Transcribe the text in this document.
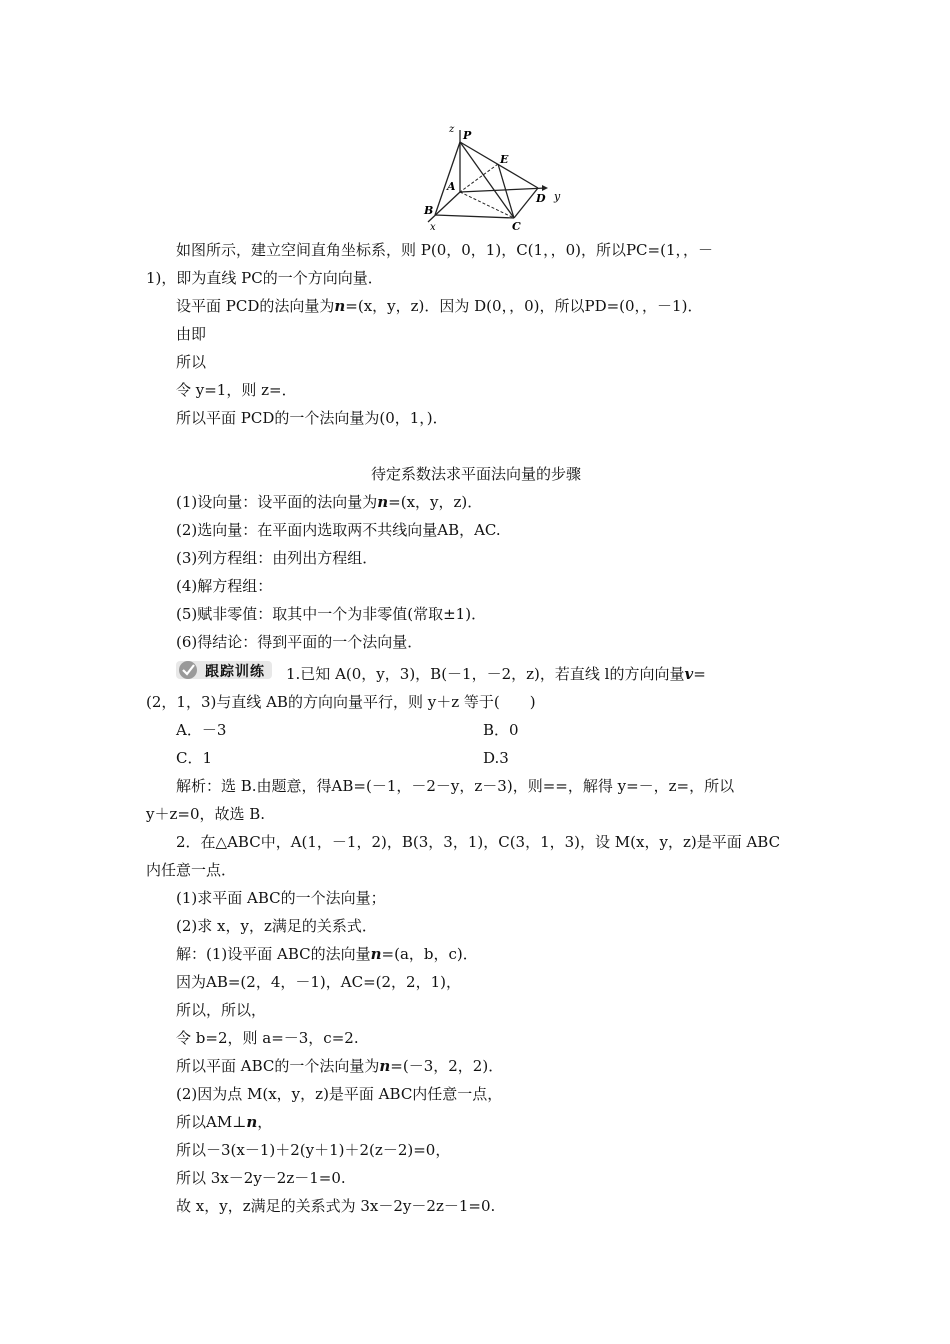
z P
E
A
D y
B
C
x
如图所示，建立空间直角坐标系，则 P(0，0，1)，C(1，，0)，所以PC=(1，，－
1)，即为直线 PC的一个方向向量．
设平面 PCD的法向量为n=(x，y，z)．因为 D(0，，0)，所以PD=(0，，－1)．
由即
所以
令 y=1，则 z=．
所以平面 PCD的一个法向量为(0，1，)．
待定系数法求平面法向量的步骤
(1)设向量：设平面的法向量为n=(x，y，z)．
(2)选向量：在平面内选取两不共线向量AB，AC.
(3)列方程组：由列出方程组．
(4)解方程组：
(5)赋非零值：取其中一个为非零值(常取±1)．
(6)得结论：得到平面的一个法向量．
跟踪训练 1.已知 A(0，y，3)，B(－1，－2，z)，若直线 l的方向向量v=
(2，1，3)与直线 AB的方向向量平行，则 y＋z 等于(　　)
A．－3	B．0
C．1	D.3
解析：选 B.由题意，得AB=(－1，－2－y，z－3)，则==，解得 y=－，z=，所以
y＋z=0，故选 B.
2．在△ABC中，A(1，－1，2)，B(3，3，1)，C(3，1，3)，设 M(x，y，z)是平面 ABC
内任意一点．
(1)求平面 ABC的一个法向量；
(2)求 x，y，z满足的关系式．
解：(1)设平面 ABC的法向量n=(a，b，c)．
因为AB=(2，4，－1)，AC=(2，2，1)，
所以，所以，
令 b=2，则 a=－3，c=2.
所以平面 ABC的一个法向量为n=(－3，2，2)．
(2)因为点 M(x，y，z)是平面 ABC内任意一点，
所以AM⊥n，
所以－3(x－1)＋2(y＋1)＋2(z－2)=0，
所以 3x－2y－2z－1=0.
故 x，y，z满足的关系式为 3x－2y－2z－1=0.
